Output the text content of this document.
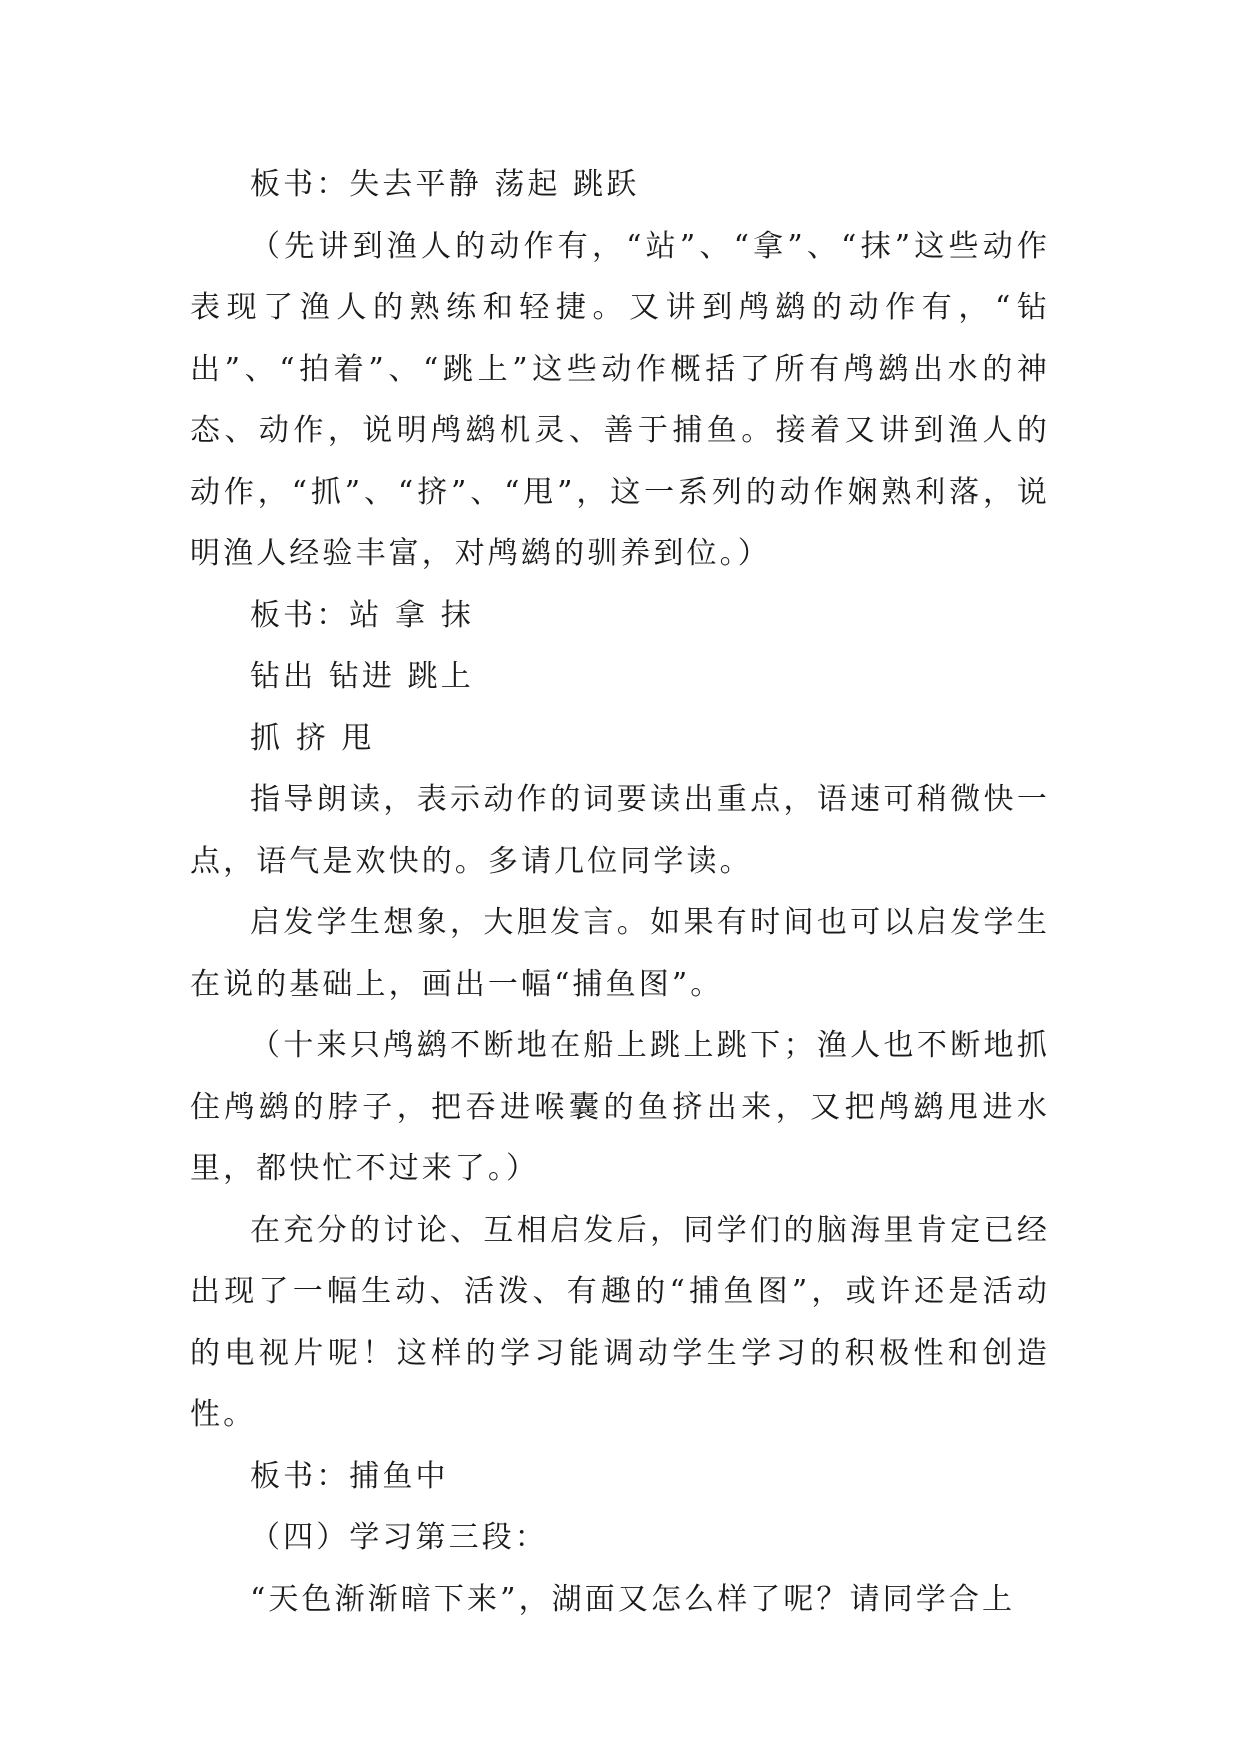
板书：失去平静 荡起 跳跃

（先讲到渔人的动作有，“站”、“拿”、“抹”这些动作表现了渔人的熟练和轻捷。又讲到鸬鹚的动作有，“钻出”、“拍着”、“跳上”这些动作概括了所有鸬鹚出水的神态、动作，说明鸬鹚机灵、善于捕鱼。接着又讲到渔人的动作，“抓”、“挤”、“甩”，这一系列的动作娴熟利落，说明渔人经验丰富，对鸬鹚的驯养到位。）

板书：站 拿 抹

钻出 钻进 跳上

抓 挤 甩

指导朗读，表示动作的词要读出重点，语速可稍微快一点，语气是欢快的。多请几位同学读。

启发学生想象，大胆发言。如果有时间也可以启发学生在说的基础上，画出一幅“捕鱼图”。

（十来只鸬鹚不断地在船上跳上跳下；渔人也不断地抓住鸬鹚的脖子，把吞进喉囊的鱼挤出来，又把鸬鹚甩进水里，都快忙不过来了。）

在充分的讨论、互相启发后，同学们的脑海里肯定已经出现了一幅生动、活泼、有趣的“捕鱼图”，或许还是活动的电视片呢！这样的学习能调动学生学习的积极性和创造性。

板书：捕鱼中

（四）学习第三段：

“天色渐渐暗下来”，湖面又怎么样了呢？请同学合上
